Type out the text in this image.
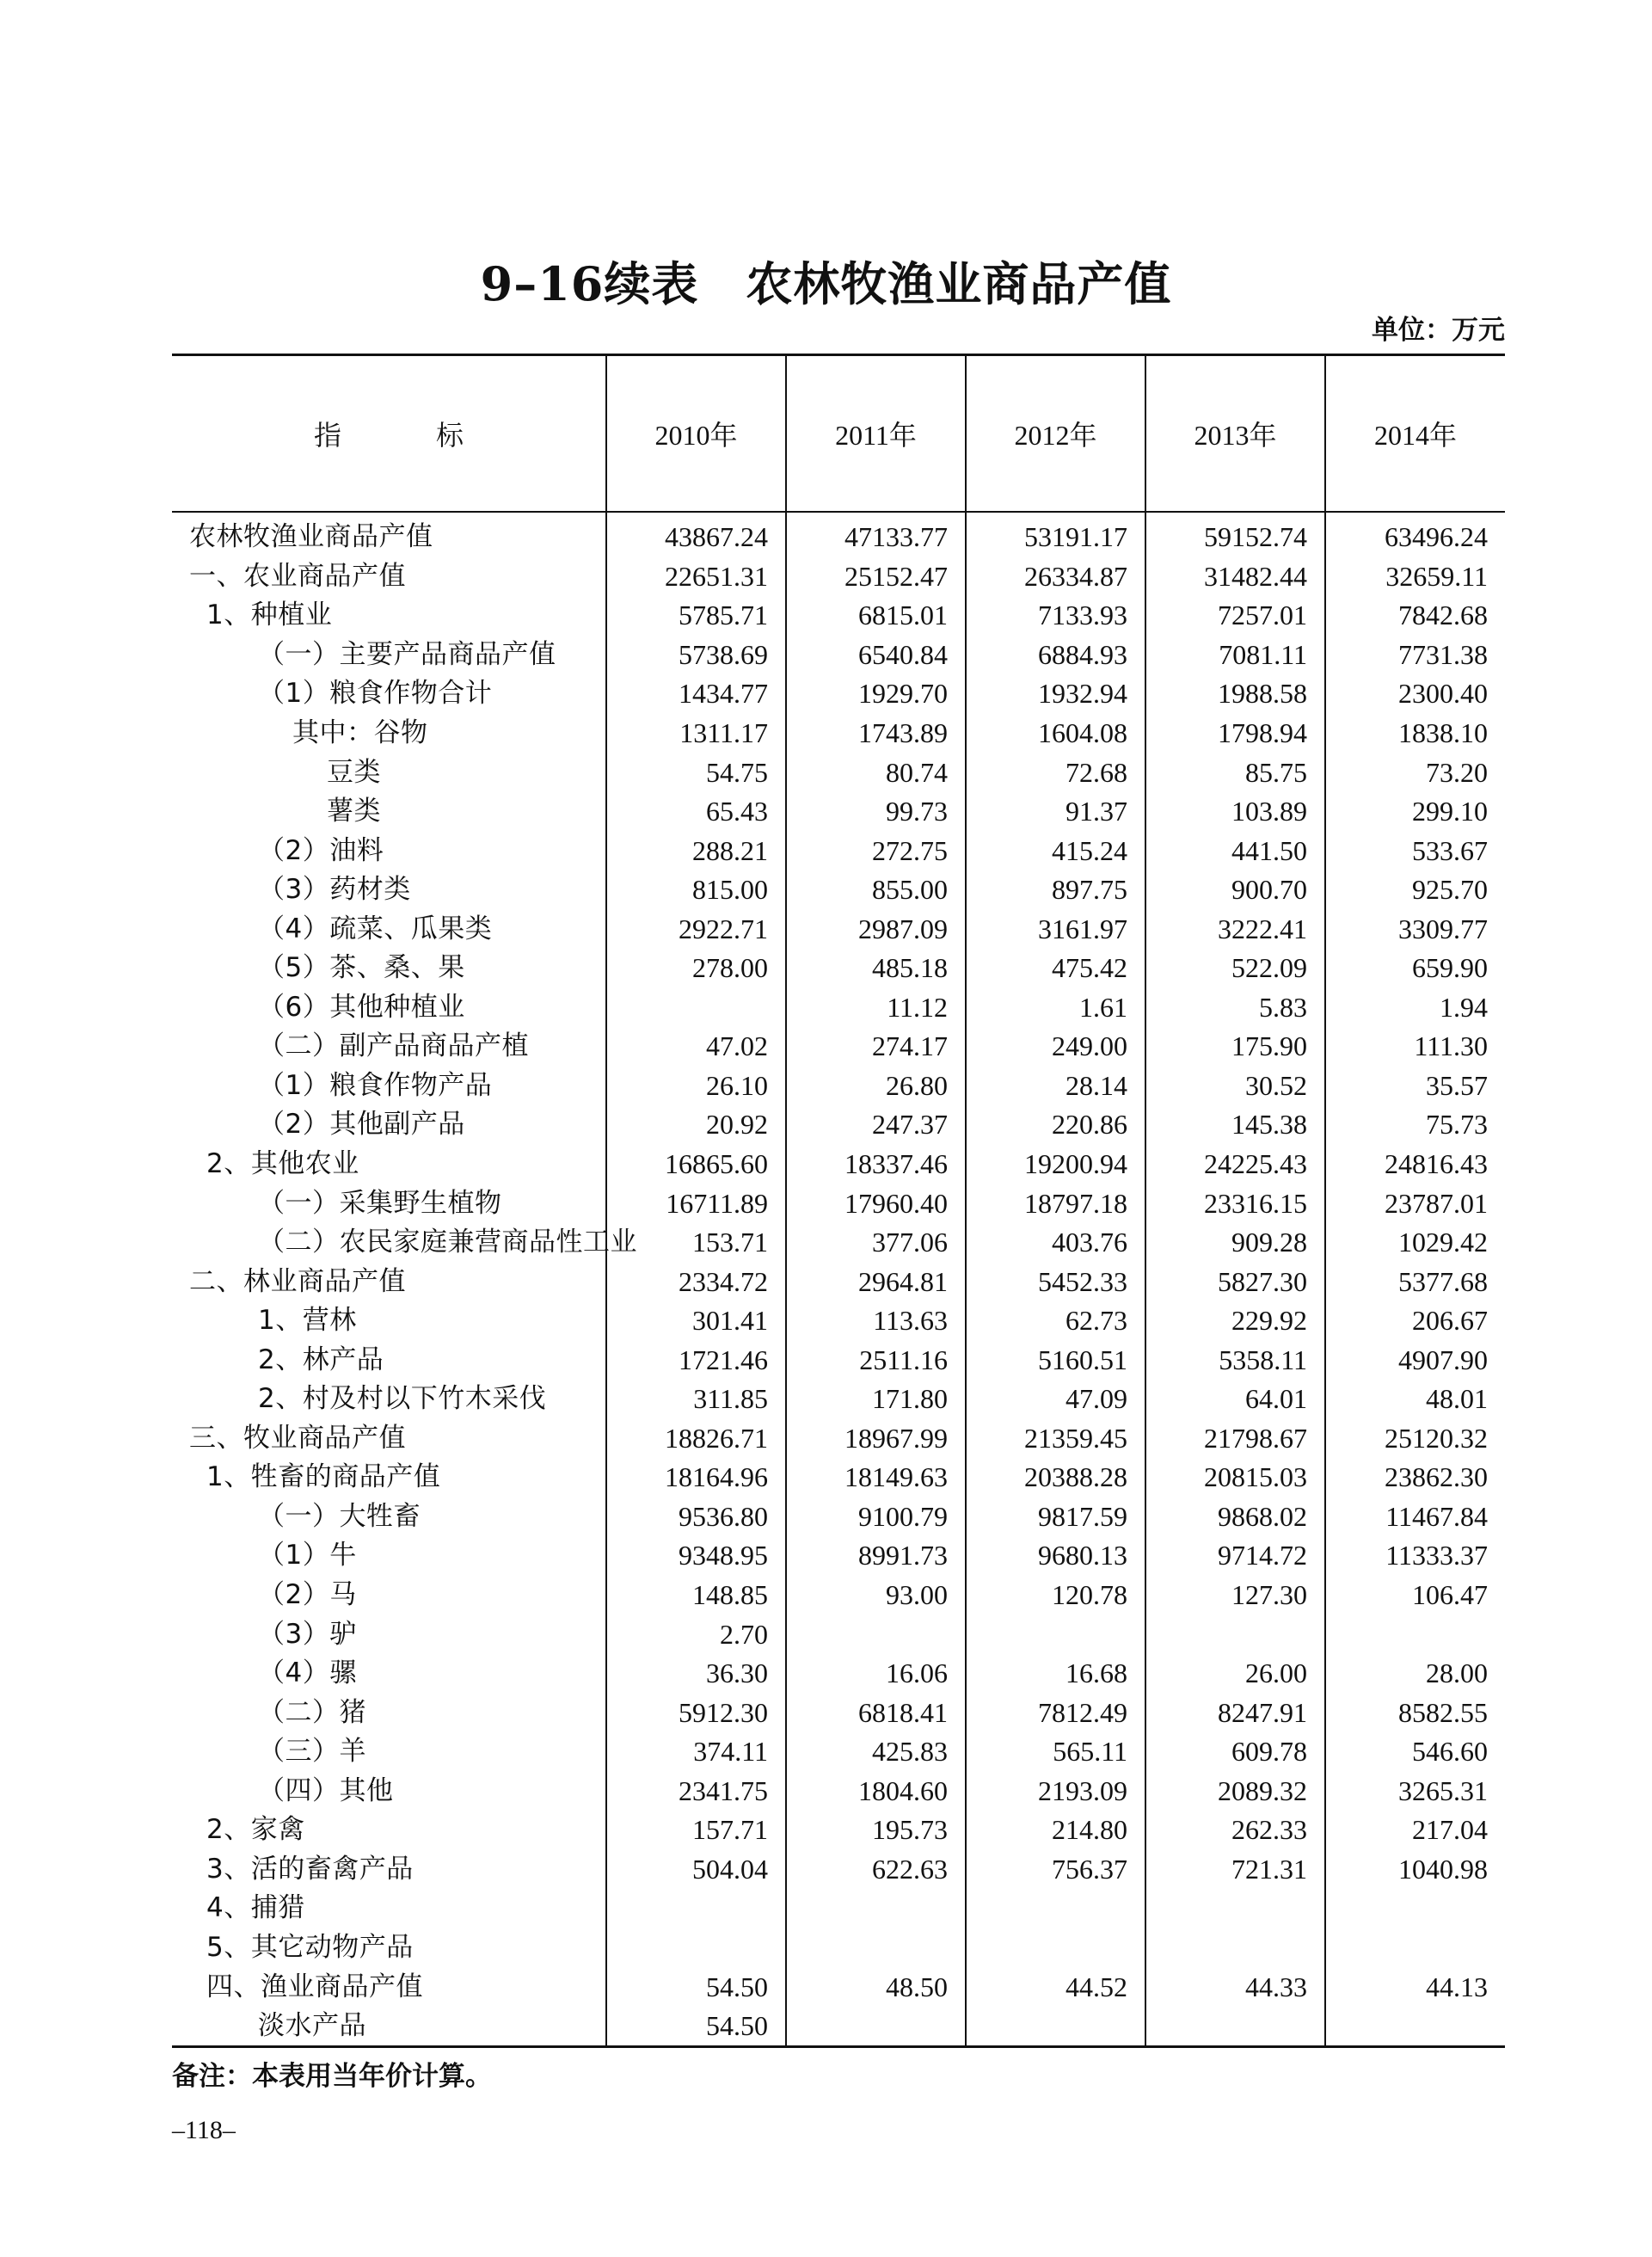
9–16续表　农林牧渔业商品产值
单位：万元
指 标	2010年	2011年	2012年	2013年	2014年
农林牧渔业商品产值	43867.24	47133.77	53191.17	59152.74	63496.24
一、农业商品产值	22651.31	25152.47	26334.87	31482.44	32659.11
1、种植业	5785.71	6815.01	7133.93	7257.01	7842.68
（一）主要产品商品产值	5738.69	6540.84	6884.93	7081.11	7731.38
（1）粮食作物合计	1434.77	1929.70	1932.94	1988.58	2300.40
其中：谷物	1311.17	1743.89	1604.08	1798.94	1838.10
豆类	54.75	80.74	72.68	85.75	73.20
薯类	65.43	99.73	91.37	103.89	299.10
（2）油料	288.21	272.75	415.24	441.50	533.67
（3）药材类	815.00	855.00	897.75	900.70	925.70
（4）疏菜、瓜果类	2922.71	2987.09	3161.97	3222.41	3309.77
（5）茶、桑、果	278.00	485.18	475.42	522.09	659.90
（6）其他种植业		11.12	1.61	5.83	1.94
（二）副产品商品产植	47.02	274.17	249.00	175.90	111.30
（1）粮食作物产品	26.10	26.80	28.14	30.52	35.57
（2）其他副产品	20.92	247.37	220.86	145.38	75.73
2、其他农业	16865.60	18337.46	19200.94	24225.43	24816.43
（一）采集野生植物	16711.89	17960.40	18797.18	23316.15	23787.01
（二）农民家庭兼营商品性工业	153.71	377.06	403.76	909.28	1029.42
二、林业商品产值	2334.72	2964.81	5452.33	5827.30	5377.68
1、营林	301.41	113.63	62.73	229.92	206.67
2、林产品	1721.46	2511.16	5160.51	5358.11	4907.90
2、村及村以下竹木采伐	311.85	171.80	47.09	64.01	48.01
三、牧业商品产值	18826.71	18967.99	21359.45	21798.67	25120.32
1、牲畜的商品产值	18164.96	18149.63	20388.28	20815.03	23862.30
（一）大牲畜	9536.80	9100.79	9817.59	9868.02	11467.84
（1）牛	9348.95	8991.73	9680.13	9714.72	11333.37
（2）马	148.85	93.00	120.78	127.30	106.47
（3）驴	2.70				
（4）骡	36.30	16.06	16.68	26.00	28.00
（二）猪	5912.30	6818.41	7812.49	8247.91	8582.55
（三）羊	374.11	425.83	565.11	609.78	546.60
（四）其他	2341.75	1804.60	2193.09	2089.32	3265.31
2、家禽	157.71	195.73	214.80	262.33	217.04
3、活的畜禽产品	504.04	622.63	756.37	721.31	1040.98
4、捕猎					
5、其它动物产品					
四、渔业商品产值	54.50	48.50	44.52	44.33	44.13
淡水产品	54.50				
备注：本表用当年价计算。
–118–
